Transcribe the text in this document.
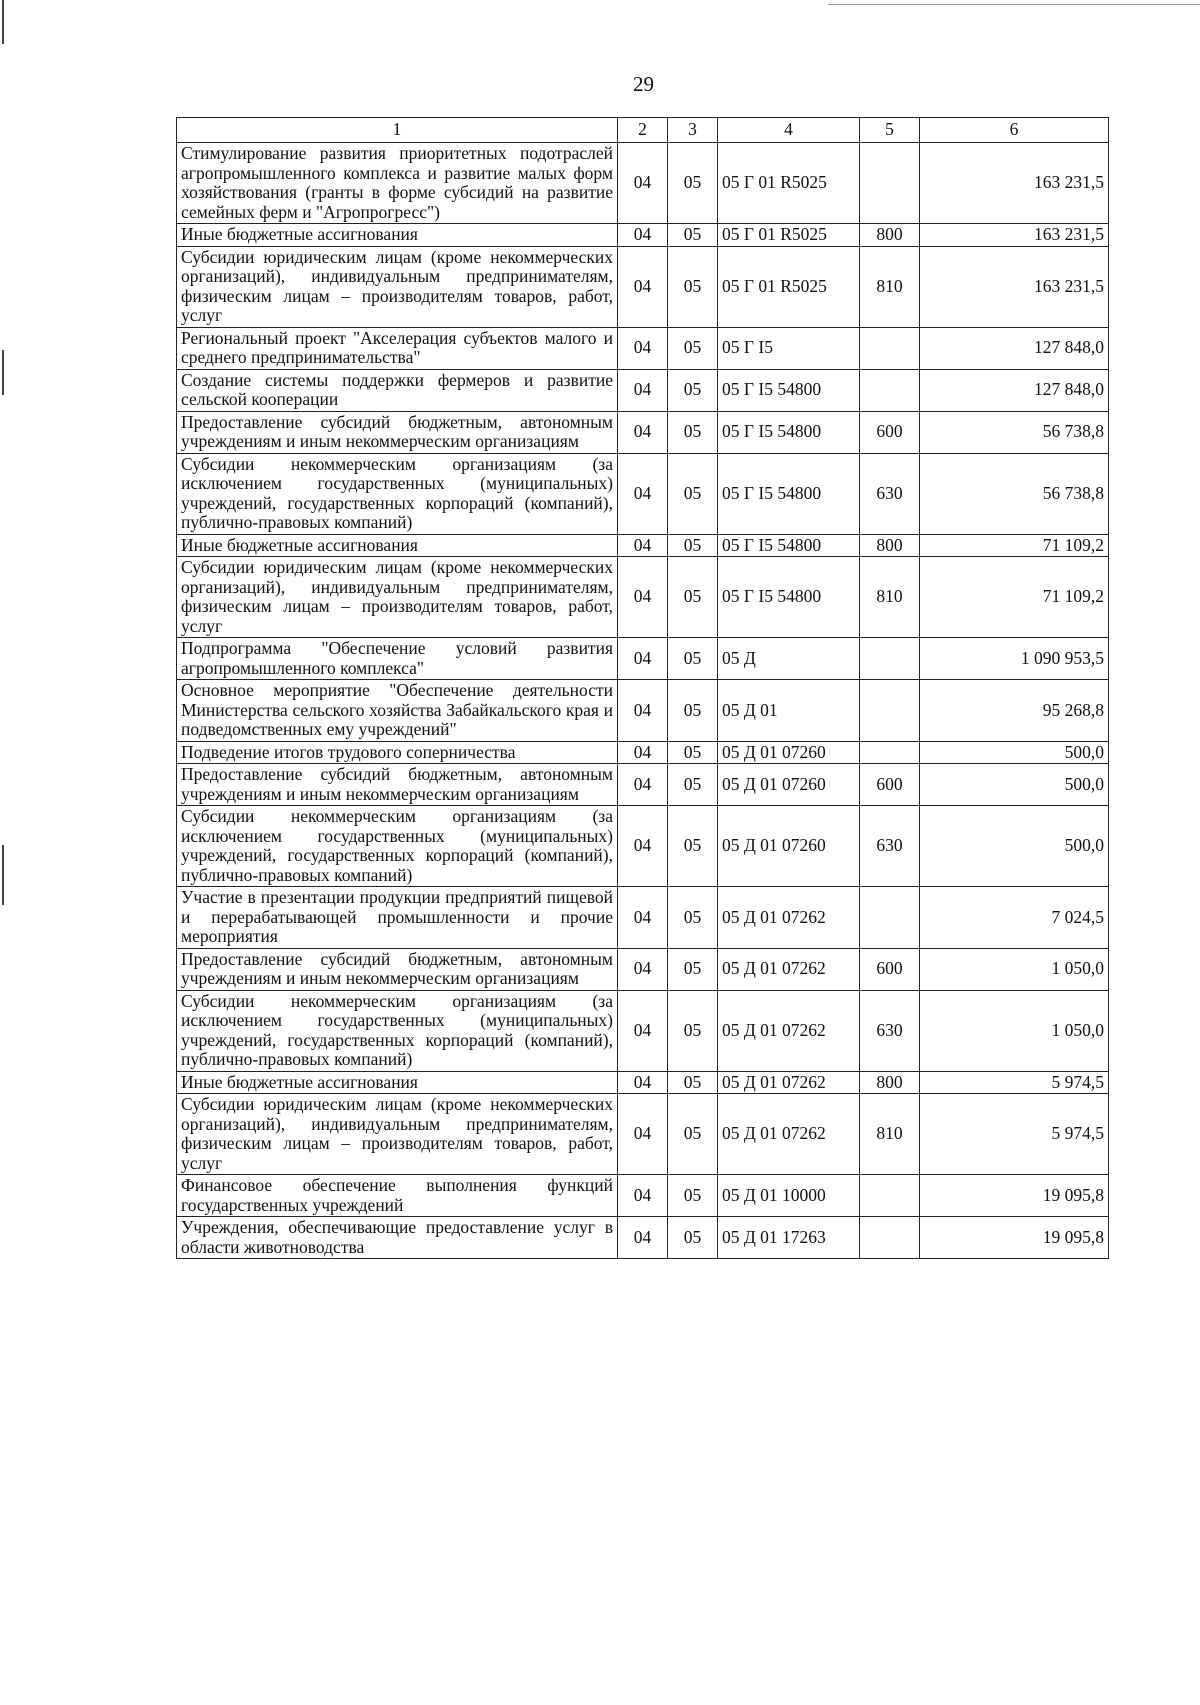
29
1	2	3	4	5	6
Стимулирование развития приоритетных подотраслей агропромышленного комплекса и развитие малых форм хозяйствования (гранты в форме субсидий на развитие семейных ферм и "Агропрогресс")	04	05	05 Г 01 R5025		163 231,5
Иные бюджетные ассигнования	04	05	05 Г 01 R5025	800	163 231,5
Субсидии юридическим лицам (кроме некоммерческих организаций), индивидуальным предпринимателям, физическим лицам – производителям товаров, работ, услуг	04	05	05 Г 01 R5025	810	163 231,5
Региональный проект "Акселерация субъектов малого и среднего предпринимательства"	04	05	05 Г I5		127 848,0
Создание системы поддержки фермеров и развитие сельской кооперации	04	05	05 Г I5 54800		127 848,0
Предоставление субсидий бюджетным, автономным учреждениям и иным некоммерческим организациям	04	05	05 Г I5 54800	600	56 738,8
Субсидии некоммерческим организациям (за исключением государственных (муниципальных) учреждений, государственных корпораций (компаний), публично-правовых компаний)	04	05	05 Г I5 54800	630	56 738,8
Иные бюджетные ассигнования	04	05	05 Г I5 54800	800	71 109,2
Субсидии юридическим лицам (кроме некоммерческих организаций), индивидуальным предпринимателям, физическим лицам – производителям товаров, работ, услуг	04	05	05 Г I5 54800	810	71 109,2
Подпрограмма "Обеспечение условий развития агропромышленного комплекса"	04	05	05 Д		1 090 953,5
Основное мероприятие "Обеспечение деятельности Министерства сельского хозяйства Забайкальского края и подведомственных ему учреждений"	04	05	05 Д 01		95 268,8
Подведение итогов трудового соперничества	04	05	05 Д 01 07260		500,0
Предоставление субсидий бюджетным, автономным учреждениям и иным некоммерческим организациям	04	05	05 Д 01 07260	600	500,0
Субсидии некоммерческим организациям (за исключением государственных (муниципальных) учреждений, государственных корпораций (компаний), публично-правовых компаний)	04	05	05 Д 01 07260	630	500,0
Участие в презентации продукции предприятий пищевой и перерабатывающей промышленности и прочие мероприятия	04	05	05 Д 01 07262		7 024,5
Предоставление субсидий бюджетным, автономным учреждениям и иным некоммерческим организациям	04	05	05 Д 01 07262	600	1 050,0
Субсидии некоммерческим организациям (за исключением государственных (муниципальных) учреждений, государственных корпораций (компаний), публично-правовых компаний)	04	05	05 Д 01 07262	630	1 050,0
Иные бюджетные ассигнования	04	05	05 Д 01 07262	800	5 974,5
Субсидии юридическим лицам (кроме некоммерческих организаций), индивидуальным предпринимателям, физическим лицам – производителям товаров, работ, услуг	04	05	05 Д 01 07262	810	5 974,5
Финансовое обеспечение выполнения функций государственных учреждений	04	05	05 Д 01 10000		19 095,8
Учреждения, обеспечивающие предоставление услуг в области животноводства	04	05	05 Д 01 17263		19 095,8
